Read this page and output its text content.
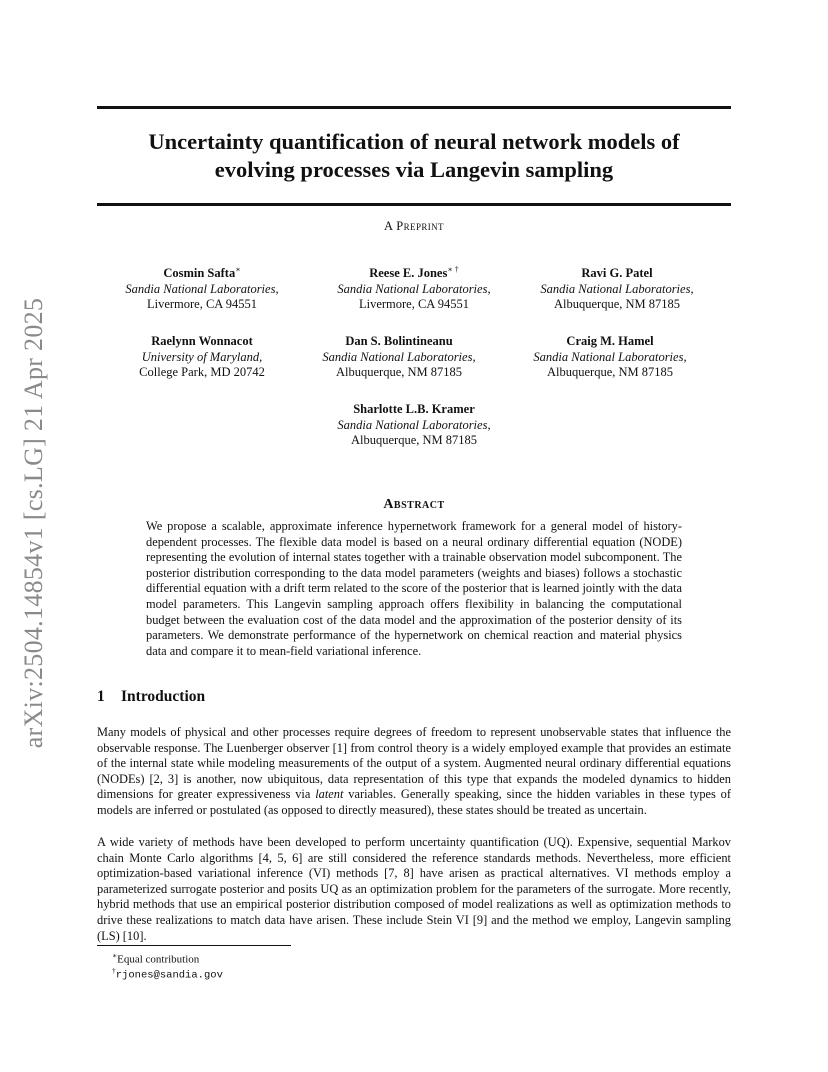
arXiv:2504.14854v1 [cs.LG] 21 Apr 2025
Uncertainty quantification of neural network models of
evolving processes via Langevin sampling
A Preprint
Cosmin Safta∗
Sandia National Laboratories,
Livermore, CA 94551
Reese E. Jones∗ †
Sandia National Laboratories,
Livermore, CA 94551
Ravi G. Patel
Sandia National Laboratories,
Albuquerque, NM 87185
Raelynn Wonnacot
University of Maryland,
College Park, MD 20742
Dan S. Bolintineanu
Sandia National Laboratories,
Albuquerque, NM 87185
Craig M. Hamel
Sandia National Laboratories,
Albuquerque, NM 87185
Sharlotte L.B. Kramer
Sandia National Laboratories,
Albuquerque, NM 87185
Abstract
We propose a scalable, approximate inference hypernetwork framework for a general model of history-dependent processes. The flexible data model is based on a neural ordinary differential equation (NODE) representing the evolution of internal states together with a trainable observation model subcomponent. The posterior distribution corresponding to the data model parameters (weights and biases) follows a stochastic differential equation with a drift term related to the score of the posterior that is learned jointly with the data model parameters. This Langevin sampling approach offers flexibility in balancing the computational budget between the evaluation cost of the data model and the approximation of the posterior density of its parameters. We demonstrate performance of the hypernetwork on chemical reaction and material physics data and compare it to mean-field variational inference.
1 Introduction
Many models of physical and other processes require degrees of freedom to represent unobservable states that influence the observable response. The Luenberger observer [1] from control theory is a widely employed example that provides an estimate of the internal state while modeling measurements of the output of a system. Augmented neural ordinary differential equations (NODEs) [2, 3] is another, now ubiquitous, data representation of this type that expands the modeled dynamics to hidden dimensions for greater expressiveness via latent variables. Generally speaking, since the hidden variables in these types of models are inferred or postulated (as opposed to directly measured), these states should be treated as uncertain.
A wide variety of methods have been developed to perform uncertainty quantification (UQ). Expensive, sequential Markov chain Monte Carlo algorithms [4, 5, 6] are still considered the reference standards methods. Nevertheless, more efficient optimization-based variational inference (VI) methods [7, 8] have arisen as practical alternatives. VI methods employ a parameterized surrogate posterior and posits UQ as an optimization problem for the parameters of the surrogate. More recently, hybrid methods that use an empirical posterior distribution composed of model realizations as well as optimization methods to drive these realizations to match data have arisen. These include Stein VI [9] and the method we employ, Langevin sampling (LS) [10].
∗Equal contribution
†rjones@sandia.gov
